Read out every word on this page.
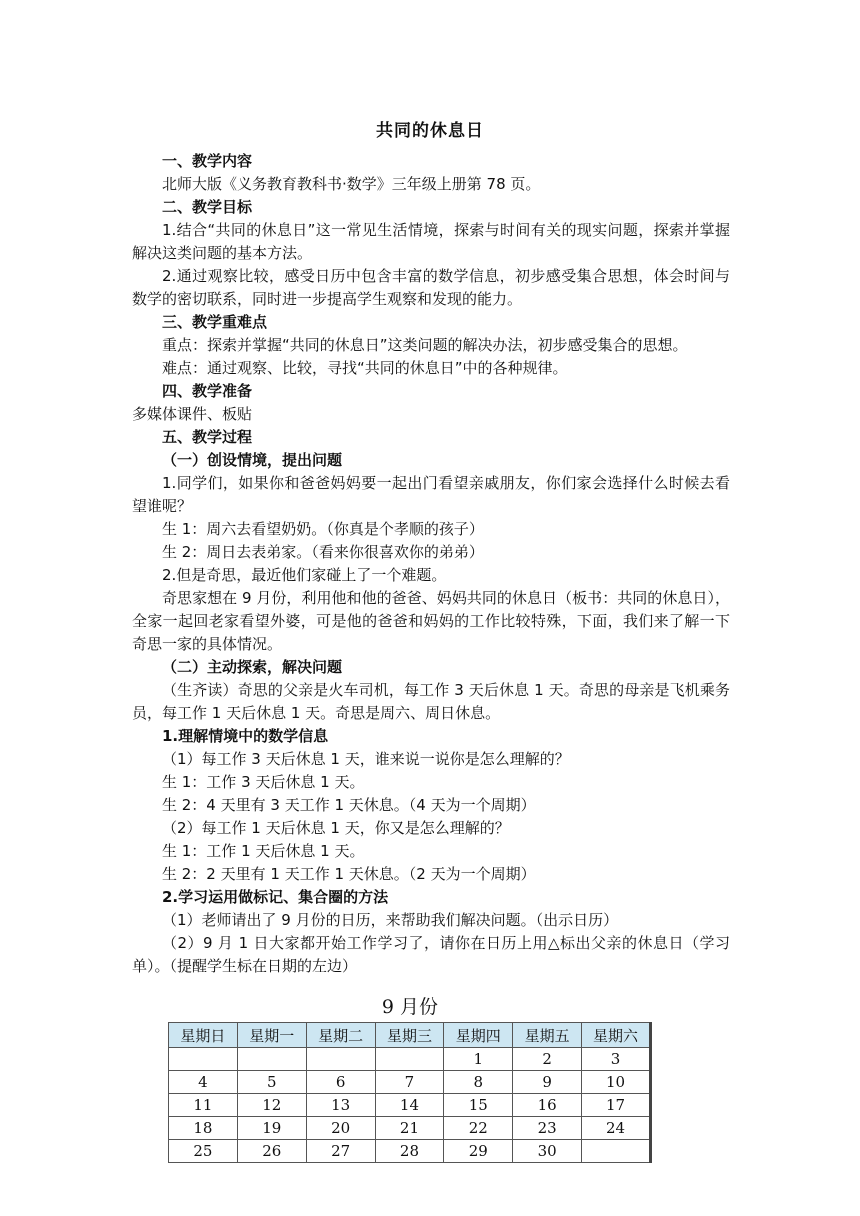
共同的休息日
一、教学内容
北师大版《义务教育教科书·数学》三年级上册第 78 页。
二、教学目标
1.结合“共同的休息日”这一常见生活情境，探索与时间有关的现实问题，探索并掌握解决这类问题的基本方法。
2.通过观察比较，感受日历中包含丰富的数学信息，初步感受集合思想，体会时间与数学的密切联系，同时进一步提高学生观察和发现的能力。
三、教学重难点
重点：探索并掌握“共同的休息日”这类问题的解决办法，初步感受集合的思想。
难点：通过观察、比较，寻找“共同的休息日”中的各种规律。
四、教学准备
多媒体课件、板贴
五、教学过程
（一）创设情境，提出问题
1.同学们，如果你和爸爸妈妈要一起出门看望亲戚朋友，你们家会选择什么时候去看望谁呢？
生 1：周六去看望奶奶。（你真是个孝顺的孩子）
生 2：周日去表弟家。（看来你很喜欢你的弟弟）
2.但是奇思，最近他们家碰上了一个难题。
奇思家想在 9 月份，利用他和他的爸爸、妈妈共同的休息日（板书：共同的休息日），全家一起回老家看望外婆，可是他的爸爸和妈妈的工作比较特殊，下面，我们来了解一下奇思一家的具体情况。
（二）主动探索，解决问题
（生齐读）奇思的父亲是火车司机，每工作 3 天后休息 1 天。奇思的母亲是飞机乘务员，每工作 1 天后休息 1 天。奇思是周六、周日休息。
1.理解情境中的数学信息
（1）每工作 3 天后休息 1 天，谁来说一说你是怎么理解的？
生 1：工作 3 天后休息 1 天。
生 2：4 天里有 3 天工作 1 天休息。（4 天为一个周期）
（2）每工作 1 天后休息 1 天，你又是怎么理解的？
生 1：工作 1 天后休息 1 天。
生 2：2 天里有 1 天工作 1 天休息。（2 天为一个周期）
2.学习运用做标记、集合圈的方法
（1）老师请出了 9 月份的日历，来帮助我们解决问题。（出示日历）
（2）9 月 1 日大家都开始工作学习了，请你在日历上用△标出父亲的休息日（学习单）。（提醒学生标在日期的左边）
9 月份
星期日	星期一	星期二	星期三	星期四	星期五	星期六
				1	2	3
4	5	6	7	8	9	10
11	12	13	14	15	16	17
18	19	20	21	22	23	24
25	26	27	28	29	30	
